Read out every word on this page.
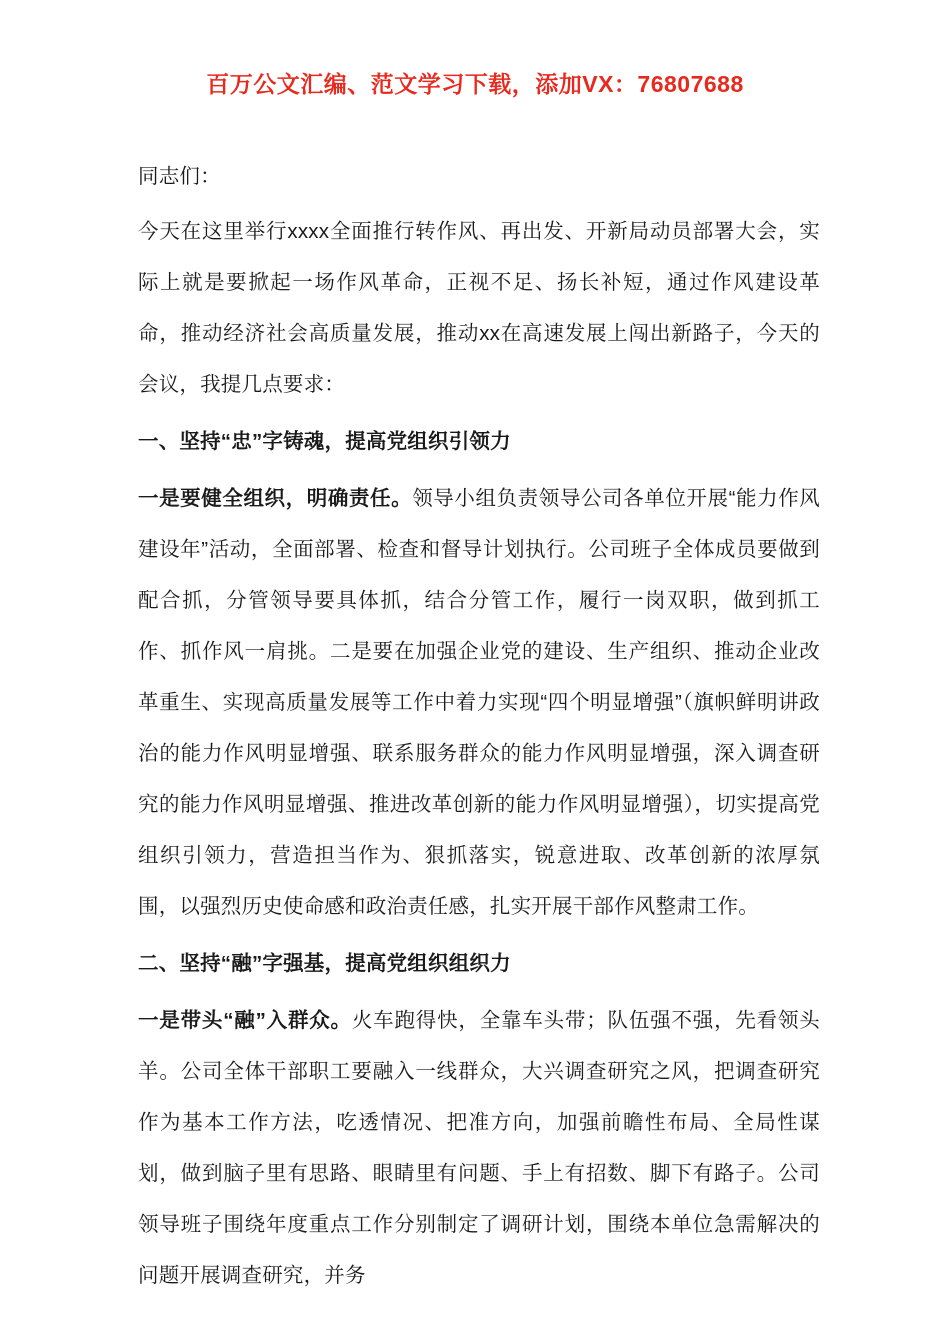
百万公文汇编、范文学习下载，添加VX：76807688

同志们：

今天在这里举行xxxx全面推行转作风、再出发、开新局动员部署大会，实际上就是要掀起一场作风革命，正视不足、扬长补短，通过作风建设革命，推动经济社会高质量发展，推动xx在高速发展上闯出新路子，今天的会议，我提几点要求：

一、坚持“忠”字铸魂，提高党组织引领力

一是要健全组织，明确责任。领导小组负责领导公司各单位开展“能力作风建设年”活动，全面部署、检查和督导计划执行。公司班子全体成员要做到配合抓，分管领导要具体抓，结合分管工作，履行一岗双职，做到抓工作、抓作风一肩挑。二是要在加强企业党的建设、生产组织、推动企业改革重生、实现高质量发展等工作中着力实现“四个明显增强”（旗帜鲜明讲政治的能力作风明显增强、联系服务群众的能力作风明显增强，深入调查研究的能力作风明显增强、推进改革创新的能力作风明显增强），切实提高党组织引领力，营造担当作为、狠抓落实，锐意进取、改革创新的浓厚氛围，以强烈历史使命感和政治责任感，扎实开展干部作风整肃工作。

二、坚持“融”字强基，提高党组织组织力

一是带头“融”入群众。火车跑得快，全靠车头带；队伍强不强，先看领头羊。公司全体干部职工要融入一线群众，大兴调查研究之风，把调查研究作为基本工作方法，吃透情况、把准方向，加强前瞻性布局、全局性谋划，做到脑子里有思路、眼睛里有问题、手上有招数、脚下有路子。公司领导班子围绕年度重点工作分别制定了调研计划，围绕本单位急需解决的问题开展调查研究，并务
